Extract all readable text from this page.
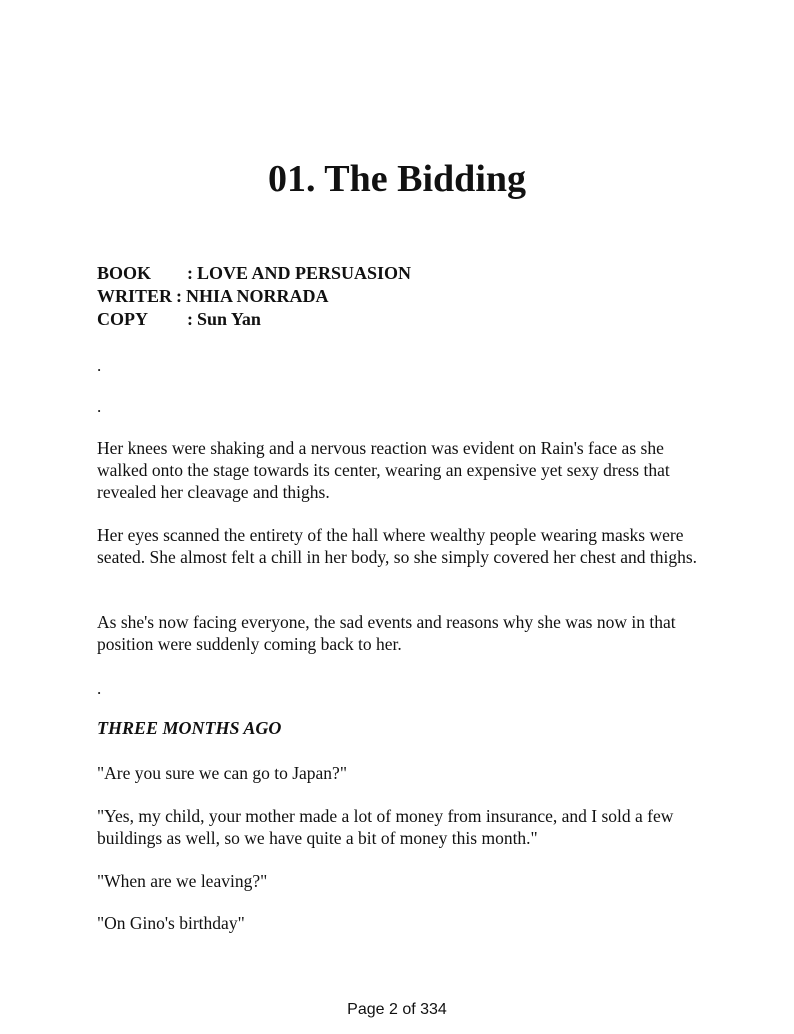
01. The Bidding
BOOK	: LOVE AND PERSUASION
WRITER : NHIA NORRADA
COPY	: Sun Yan
.
.

Her knees were shaking and a nervous reaction was evident on Rain's face as she walked onto the stage towards its center, wearing an expensive yet sexy dress that revealed her cleavage and thighs.

Her eyes scanned the entirety of the hall where wealthy people wearing masks were seated. She almost felt a chill in her body, so she simply covered her chest and thighs.

As she's now facing everyone, the sad events and reasons why she was now in that position were suddenly coming back to her.

.
THREE MONTHS AGO

"Are you sure we can go to Japan?"

"Yes, my child, your mother made a lot of money from insurance, and I sold a few buildings as well, so we have quite a bit of money this month."

"When are we leaving?"

"On Gino's birthday"

Page 2 of 334
